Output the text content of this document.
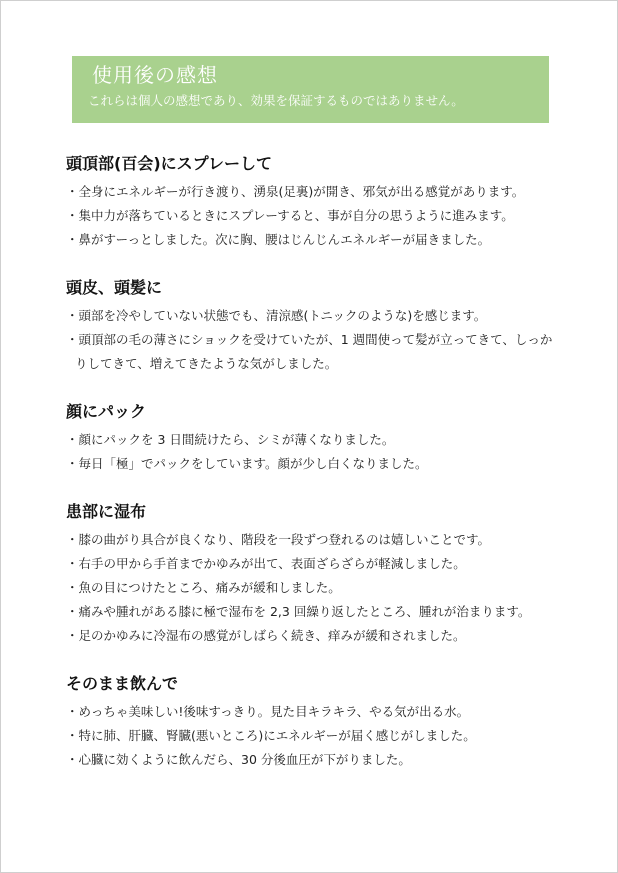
使用後の感想
これらは個人の感想であり、効果を保証するものではありません。
頭頂部(百会)にスプレーして
・全身にエネルギーが行き渡り、湧泉(足裏)が開き、邪気が出る感覚があります。
・集中力が落ちているときにスプレーすると、事が自分の思うように進みます。
・鼻がすーっとしました。次に胸、腰はじんじんエネルギーが届きました。
頭皮、頭髪に
・頭部を冷やしていない状態でも、清涼感(トニックのような)を感じます。
・頭頂部の毛の薄さにショックを受けていたが、1 週間使って髪が立ってきて、しっかりしてきて、増えてきたような気がしました。
顔にパック
・顔にパックを 3 日間続けたら、シミが薄くなりました。
・毎日「極」でパックをしています。顔が少し白くなりました。
患部に湿布
・膝の曲がり具合が良くなり、階段を一段ずつ登れるのは嬉しいことです。
・右手の甲から手首までかゆみが出て、表面ざらざらが軽減しました。
・魚の目につけたところ、痛みが緩和しました。
・痛みや腫れがある膝に極で湿布を 2,3 回繰り返したところ、腫れが治まります。
・足のかゆみに冷湿布の感覚がしばらく続き、痒みが緩和されました。
そのまま飲んで
・めっちゃ美味しい!後味すっきり。見た目キラキラ、やる気が出る水。
・特に肺、肝臓、腎臓(悪いところ)にエネルギーが届く感じがしました。
・心臓に効くように飲んだら、30 分後血圧が下がりました。
